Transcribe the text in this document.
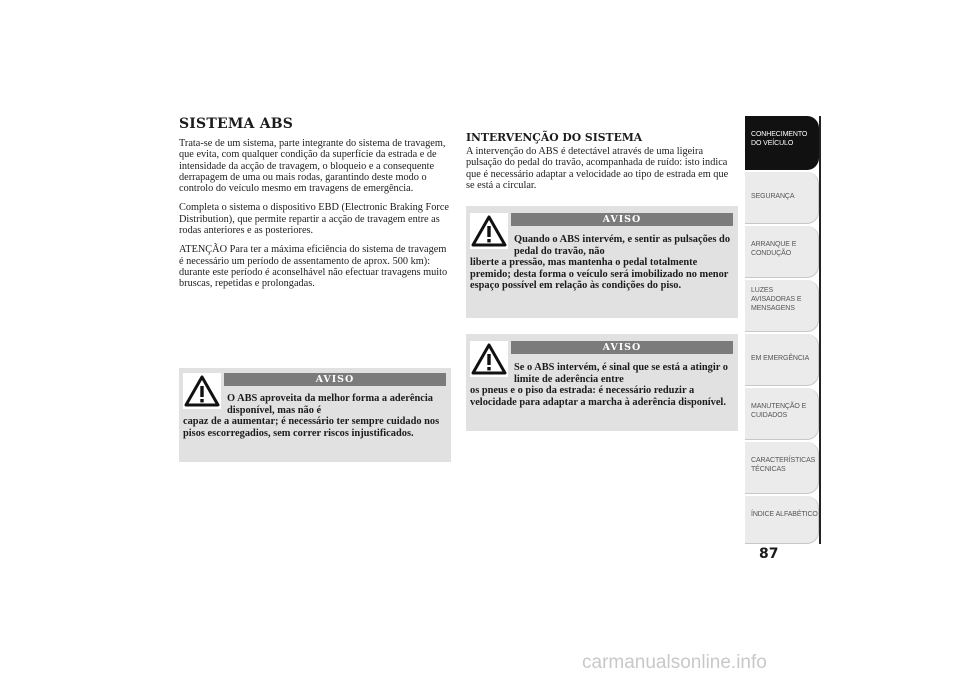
SISTEMA ABS

Trata-se de um sistema, parte integrante do sistema de travagem, que evita, com qualquer condição da superfície da estrada e de intensidade da acção de travagem, o bloqueio e a consequente derrapagem de uma ou mais rodas, garantindo deste modo o controlo do veículo mesmo em travagens de emergência.

Completa o sistema o dispositivo EBD (Electronic Braking Force Distribution), que permite repartir a acção de travagem entre as rodas anteriores e as posteriores.

ATENÇÃO Para ter a máxima eficiência do sistema de travagem é necessário um período de assentamento de aprox. 500 km): durante este período é aconselhável não efectuar travagens muito bruscas, repetidas e prolongadas.

AVISO
O ABS aproveita da melhor forma a aderência disponível, mas não é
capaz de a aumentar; é necessário ter sempre cuidado nos pisos escorregadios, sem correr riscos injustificados.
INTERVENÇÃO DO SISTEMA

A intervenção do ABS é detectável através de uma ligeira pulsação do pedal do travão, acompanhada de ruído: isto indica que é necessário adaptar a velocidade ao tipo de estrada em que se está a circular.

AVISO
Quando o ABS intervém, e sentir as pulsações do pedal do travão, não
liberte a pressão, mas mantenha o pedal totalmente premido; desta forma o veículo será imobilizado no menor espaço possível em relação às condições do piso.
AVISO
Se o ABS intervém, é sinal que se está a atingir o limite de aderência entre
os pneus e o piso da estrada: é necessário reduzir a velocidade para adaptar a marcha à aderência disponível.
CONHECIMENTO DO VEÍCULO
SEGURANÇA
ARRANQUE E CONDUÇÃO
LUZES AVISADORAS E MENSAGENS
EM EMERGÊNCIA
MANUTENÇÃO E CUIDADOS
CARACTERÍSTICAS TÉCNICAS
ÍNDICE ALFABÉTICO
87
carmanualsonline.info
